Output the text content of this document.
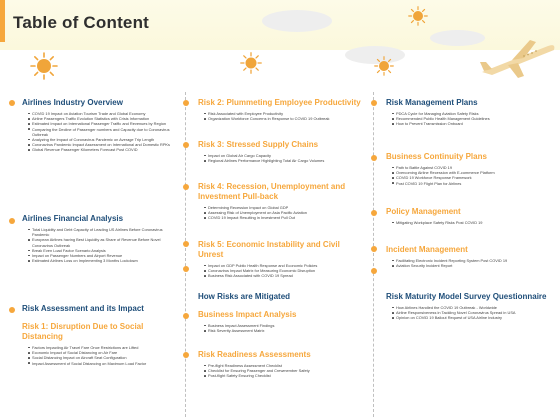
Table of Content
Airlines Industry Overview
COVID 19 Impact on Aviation Tourism Trade and Global Economy
Airline Passengers Traffic Evolution Statistics with Crisis Information
Estimated Impact on International Passenger Traffic and Revenues by Region
Comparing the Decline of Passenger numbers and Capacity due to Coronavirus Outbreak
Analyzing the Impact of Coronavirus Pandemic on Average Trip Length
Coronavirus Pandemic Impact Assessment on International and Domestic RPKs
Global Revenue Passenger Kilometers Forecast Post COVID
Airlines Financial Analysis
Total Liquidity and Debt Capacity of Leading US Airlines Before Coronavirus Pandemic
European Airlines having Best Liquidity as Share of Revenue Before Novel Coronavirus Outbreak
Break Even Load Factor Scenario Analysis
Impact on Passenger Numbers and Airport Revenue
Estimated Airlines Loss on Implementing 3 Months Lockdown
Risk Assessment and its Impact
Risk 1: Disruption Due to Social Distancing
Factors Impacting Air Travel Fare Once Restrictions are Lifted
Economic Impact of Social Distancing on Air Fare
Social Distancing Impact on Aircraft Seat Configuration
Impact Assessment of Social Distancing on Maximum Load Factor
Risk 2: Plummeting Employee Productivity
Risk Associated with Employee Productivity
Organization Workforce Concerns in Response to COVID 19 Outbreak
Risk 3: Stressed Supply Chains
Impact on Global Air Cargo Capacity
Regional Airlines Performance Highlighting Total Air Cargo Volumes
Risk 4: Recession, Unemployment and Investment Pull-back
Determining Recession Impact on Global GDP
Assessing Risk of Unemployment on Asia Pacific Aviation
COVID 19 Impact Resulting in Investment Pull Out
Risk 5: Economic Instability and Civil Unrest
Impact on GDP Public Health Response and Economic Policies
Coronavirus Impact Matrix for Measuring Economic Disruption
Business Risk Associated with COVID 19 Spread
How Risks are Mitigated
Business Impact Analysis
Business Impact Assessment Findings
Risk Severity Assessment Matrix
Risk Readiness Assessments
Pre-flight Readiness Assessment Checklist
Checklist for Ensuring Passenger and Crewmember Safety
Post-flight Safety Ensuring Checklist
Risk Management Plans
PDCA Cycle for Managing Aviation Safety Risks
Recommended Public Health Management Guidelines
How to Prevent Transmission Onboard
Business Continuity Plans
Path to Battle Against COVID 19
Overcoming Airline Recession with E-commerce Platform
COVID 19 Workforce Response Framework
Post COVID 19 Flight Plan for Airlines
Policy Management
Mitigating Workplace Safety Risks Post COVID 19
Incident Management
Facilitating Electronic Incident Reporting System Post COVID 19
Aviation Security Incident Report
Risk Maturity Model Survey Questionnaire
How Airlines Handled the COVID 19 Outbreak - Worldwide
Airline Responsiveness in Tackling Novel Coronavirus Spread in USA
Opinion on COVID 19 Bailout Request of USA Airline Industry
